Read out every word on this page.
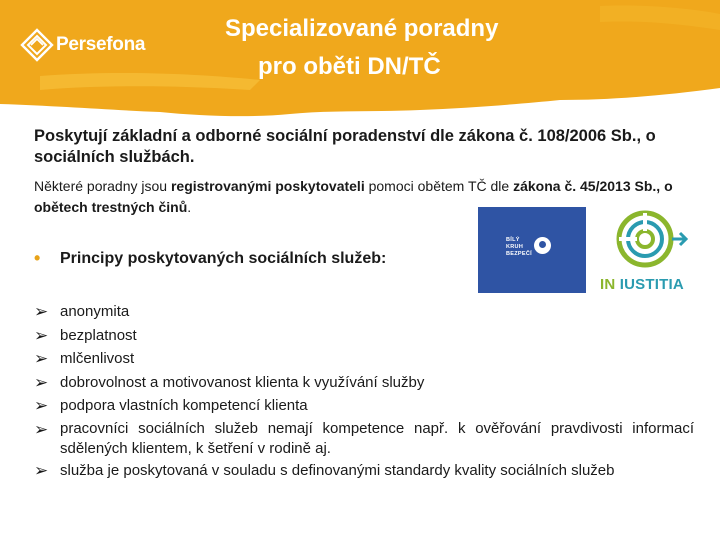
Persefona
Specializované poradny
pro oběti DN/TČ
Poskytují základní a odborné sociální poradenství dle zákona č. 108/2006 Sb., o sociálních službách.
Některé poradny jsou registrovanými poskytovateli pomoci obětem TČ dle zákona č. 45/2013 Sb., o obětech trestných činů.
BÍLÝ
KRUH
BEZPEČÍ
IN IUSTITIA
•	Principy poskytovaných sociálních služeb:
➢ anonymita
➢ bezplatnost
➢ mlčenlivost
➢ dobrovolnost a motivovanost klienta k využívání služby
➢ podpora vlastních kompetencí klienta
➢ pracovníci sociálních služeb nemají kompetence např. k ověřování pravdivosti informací sdělených klientem, k šetření v rodině aj.
➢ služba je poskytovaná v souladu s definovanými standardy kvality sociálních služeb
